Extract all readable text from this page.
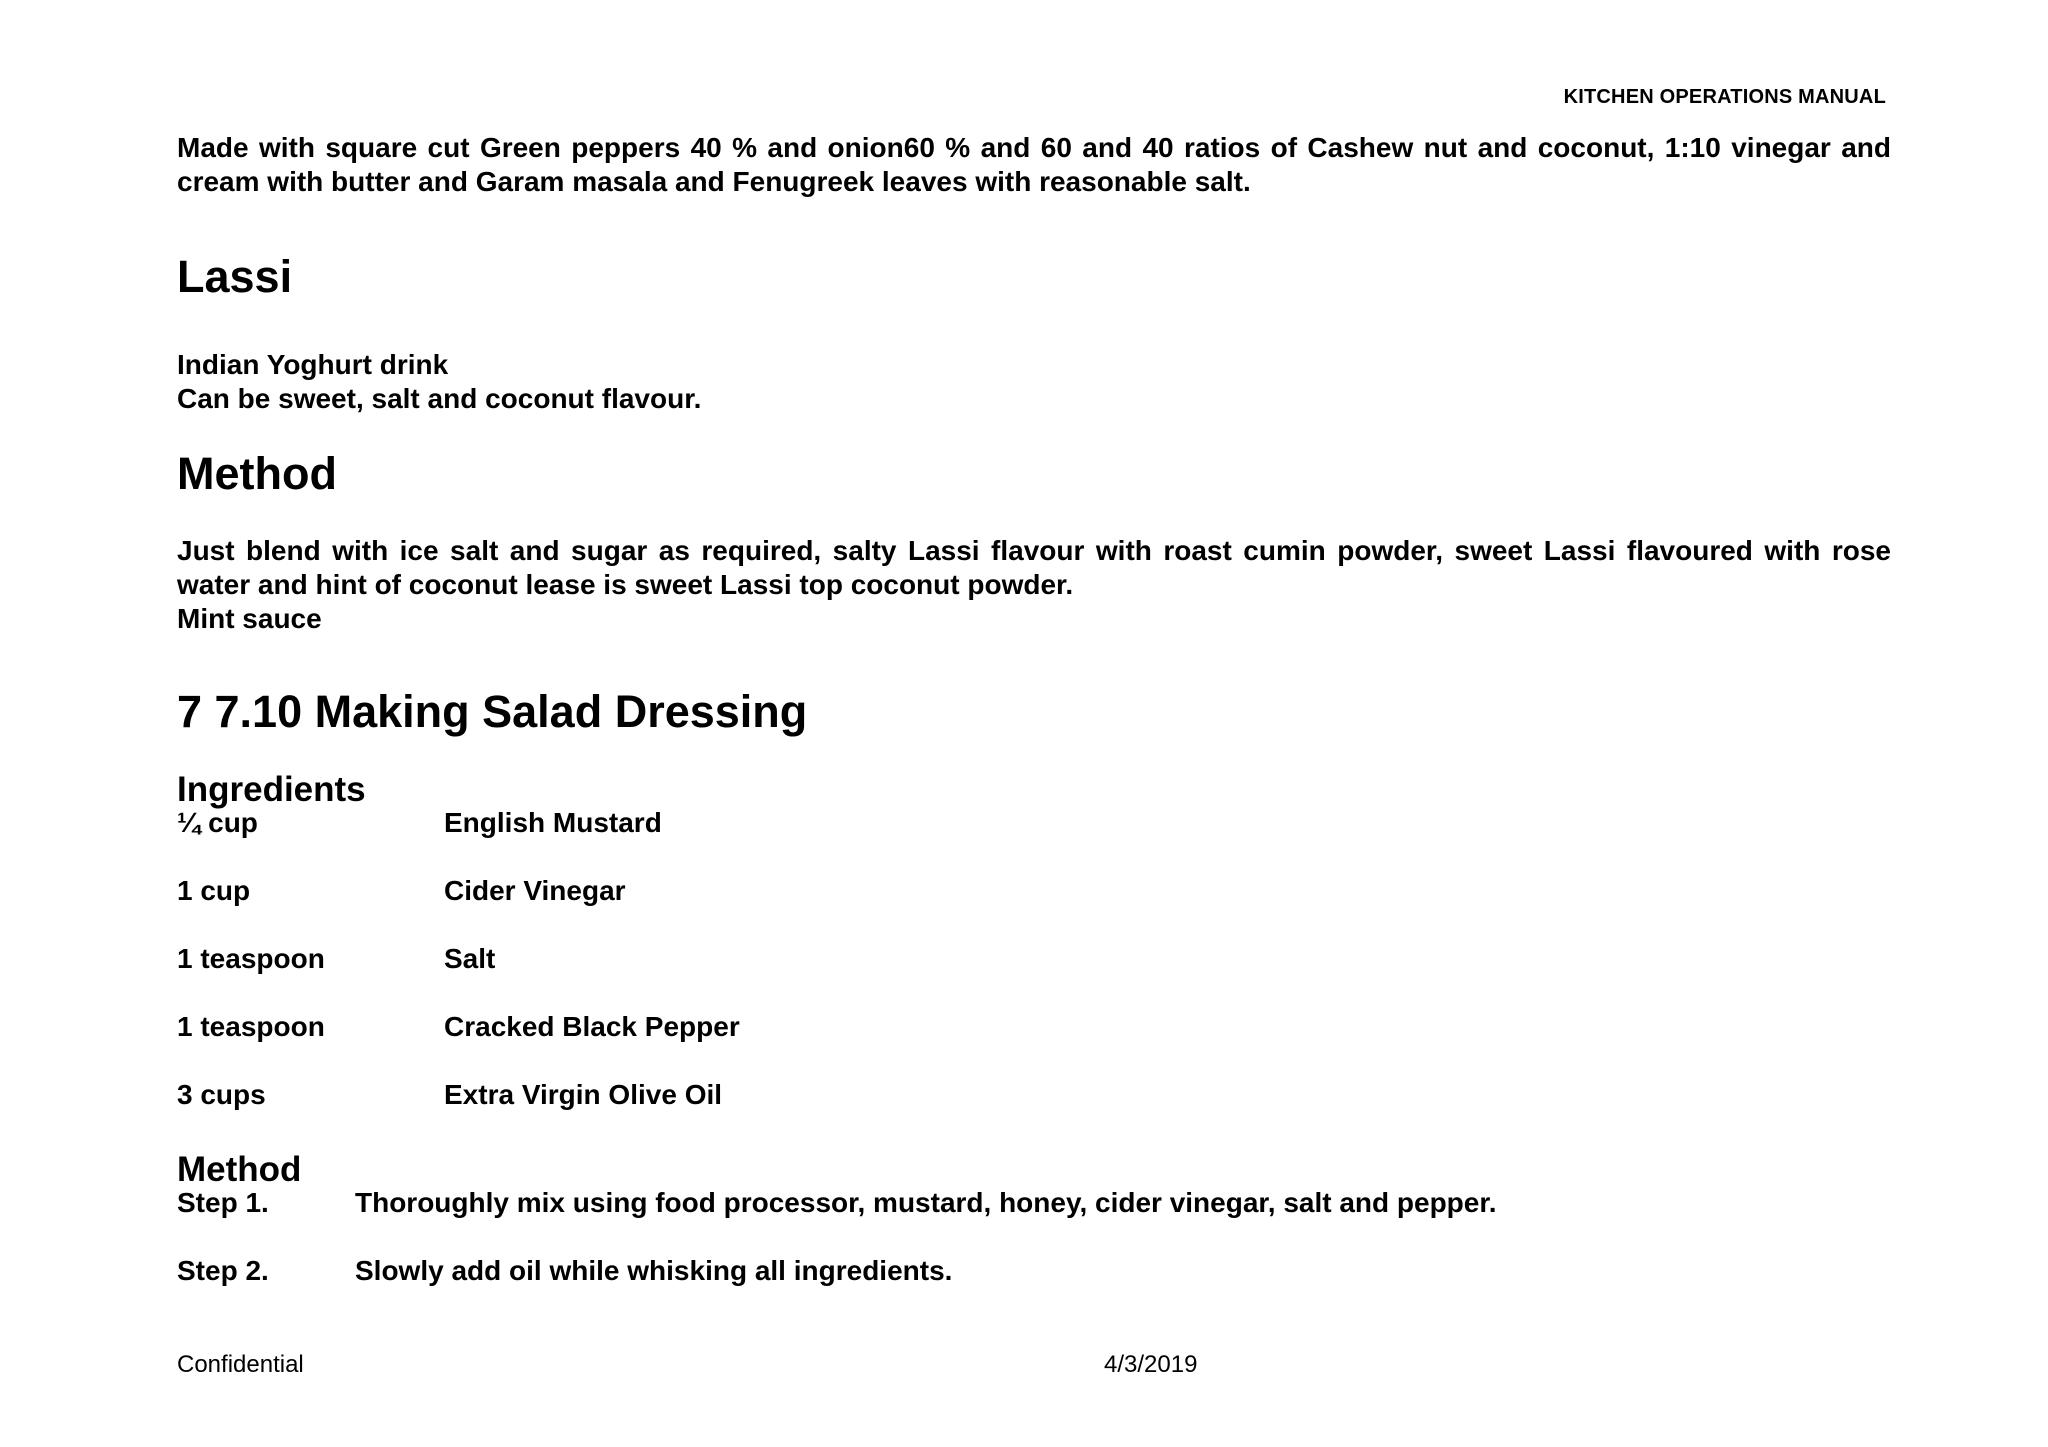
KITCHEN OPERATIONS MANUAL

Made with square cut Green peppers 40 % and onion60 % and 60 and 40 ratios of Cashew nut and coconut, 1:10 vinegar and cream with butter and Garam masala and Fenugreek leaves with reasonable salt.

Lassi
Indian Yoghurt drink
Can be sweet, salt and coconut flavour.
Method

Just blend with ice salt and sugar as required, salty Lassi flavour with roast cumin powder, sweet Lassi flavoured with rose water and hint of coconut lease is sweet Lassi top coconut powder.

Mint sauce
7 7.10 Making Salad Dressing
Ingredients
¼ cup	English Mustard
1 cup	Cider Vinegar
1 teaspoon	Salt
1 teaspoon	Cracked Black Pepper
3 cups	Extra Virgin Olive Oil
Method
Step 1.	Thoroughly mix using food processor, mustard, honey, cider vinegar, salt and pepper.
Step 2.	Slowly add oil while whisking all ingredients.
Confidential	4/3/2019
